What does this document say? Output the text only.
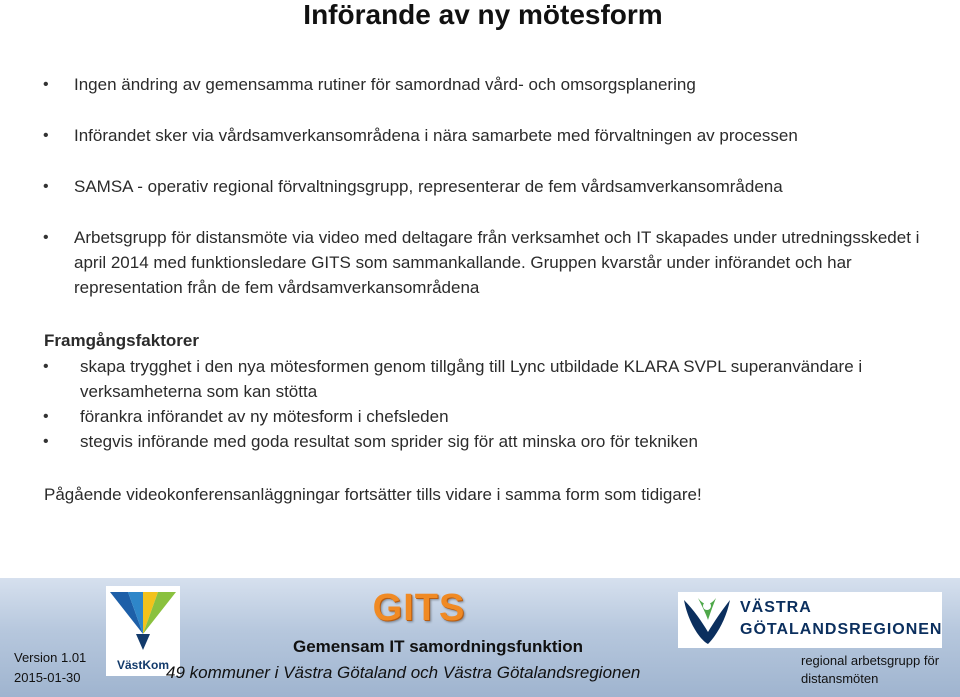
Införande av ny mötesform
• Ingen ändring av gemensamma rutiner för samordnad vård- och omsorgsplanering
• Införandet sker via vårdsamverkansområdena i nära samarbete med förvaltningen av processen
• SAMSA - operativ regional förvaltningsgrupp, representerar de fem vårdsamverkansområdena
• Arbetsgrupp för distansmöte via video med deltagare från verksamhet och IT skapades under utredningsskedet i april 2014 med funktionsledare GITS som sammankallande. Gruppen kvarstår under införandet och har representation från de fem vårdsamverkansområdena
Framgångsfaktorer
• skapa trygghet i den nya mötesformen genom tillgång till Lync utbildade KLARA SVPL superanvändare i verksamheterna som kan stötta
• förankra införandet av ny mötesform i chefsleden
• stegvis införande med goda resultat som sprider sig för att minska oro för tekniken
Pågående videokonferensanläggningar fortsätter tills vidare i samma form som tidigare!
Version 1.01
2015-01-30
VästKom
GITS
Gemensam IT samordningsfunktion
49 kommuner i Västra Götaland och Västra Götalandsregionen
VÄSTRA
GÖTALANDSREGIONEN
regional arbetsgrupp för distansmöten
